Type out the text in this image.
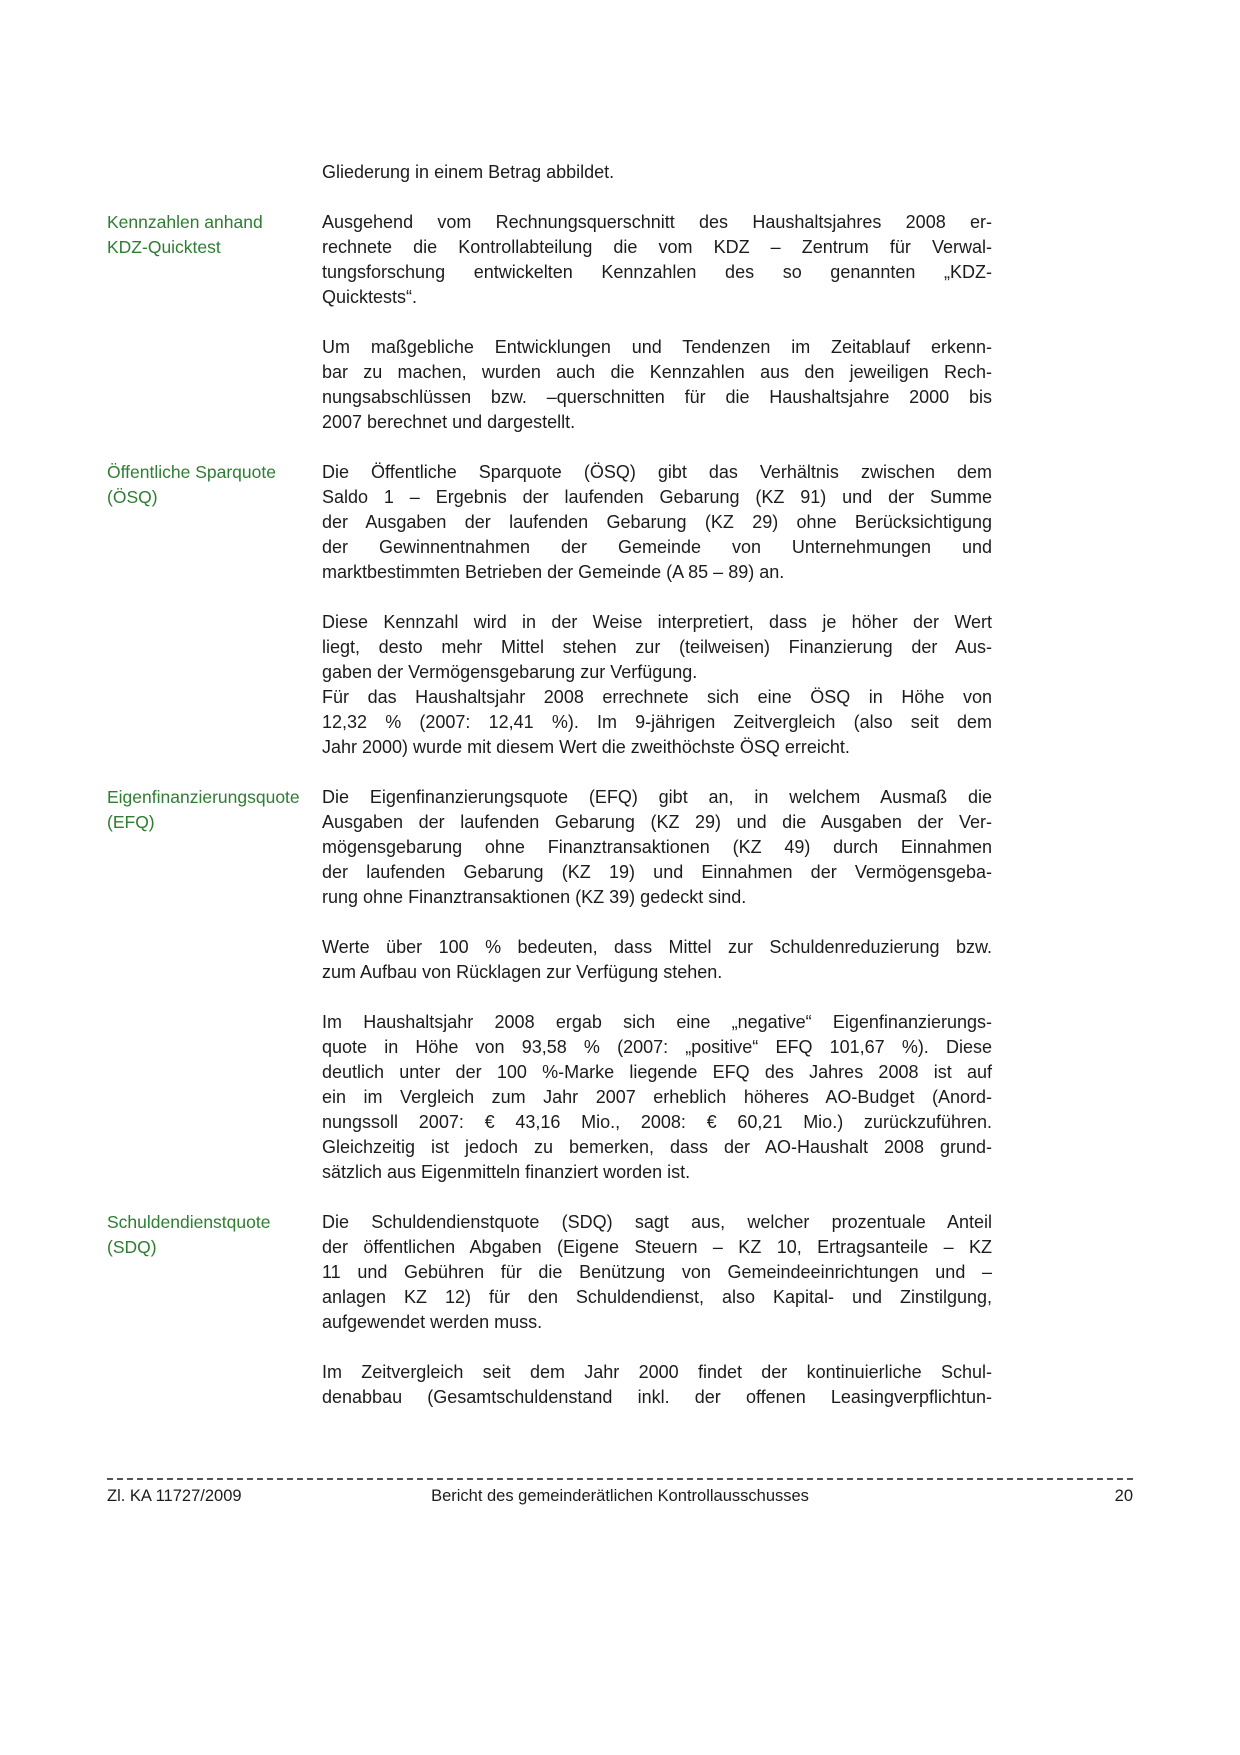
Gliederung in einem Betrag abbildet.
Kennzahlen anhand
KDZ-Quicktest
Ausgehend vom Rechnungsquerschnitt des Haushaltsjahres 2008 er-
rechnete die Kontrollabteilung die vom KDZ – Zentrum für Verwal-
tungsforschung entwickelten Kennzahlen des so genannten „KDZ-
Quicktests“.
Um maßgebliche Entwicklungen und Tendenzen im Zeitablauf erkenn-
bar zu machen, wurden auch die Kennzahlen aus den jeweiligen Rech-
nungsabschlüssen bzw. –querschnitten für die Haushaltsjahre 2000 bis
2007 berechnet und dargestellt.
Öffentliche Sparquote
(ÖSQ)
Die Öffentliche Sparquote (ÖSQ) gibt das Verhältnis zwischen dem
Saldo 1 – Ergebnis der laufenden Gebarung (KZ 91) und der Summe
der Ausgaben der laufenden Gebarung (KZ 29) ohne Berücksichtigung
der Gewinnentnahmen der Gemeinde von Unternehmungen und
marktbestimmten Betrieben der Gemeinde (A 85 – 89) an.
Diese Kennzahl wird in der Weise interpretiert, dass je höher der Wert
liegt, desto mehr Mittel stehen zur (teilweisen) Finanzierung der Aus-
gaben der Vermögensgebarung zur Verfügung.
Für das Haushaltsjahr 2008 errechnete sich eine ÖSQ in Höhe von
12,32 % (2007: 12,41 %). Im 9-jährigen Zeitvergleich (also seit dem
Jahr 2000) wurde mit diesem Wert die zweithöchste ÖSQ erreicht.
Eigenfinanzierungsquote
(EFQ)
Die Eigenfinanzierungsquote (EFQ) gibt an, in welchem Ausmaß die
Ausgaben der laufenden Gebarung (KZ 29) und die Ausgaben der Ver-
mögensgebarung ohne Finanztransaktionen (KZ 49) durch Einnahmen
der laufenden Gebarung (KZ 19) und Einnahmen der Vermögensgeba-
rung ohne Finanztransaktionen (KZ 39) gedeckt sind.
Werte über 100 % bedeuten, dass Mittel zur Schuldenreduzierung bzw.
zum Aufbau von Rücklagen zur Verfügung stehen.
Im Haushaltsjahr 2008 ergab sich eine „negative“ Eigenfinanzierungs-
quote in Höhe von 93,58 % (2007: „positive“ EFQ 101,67 %). Diese
deutlich unter der 100 %-Marke liegende EFQ des Jahres 2008 ist auf
ein im Vergleich zum Jahr 2007 erheblich höheres AO-Budget (Anord-
nungssoll 2007: € 43,16 Mio., 2008: € 60,21 Mio.) zurückzuführen.
Gleichzeitig ist jedoch zu bemerken, dass der AO-Haushalt 2008 grund-
sätzlich aus Eigenmitteln finanziert worden ist.
Schuldendienstquote
(SDQ)
Die Schuldendienstquote (SDQ) sagt aus, welcher prozentuale Anteil
der öffentlichen Abgaben (Eigene Steuern – KZ 10, Ertragsanteile – KZ
11 und Gebühren für die Benützung von Gemeindeeinrichtungen und –
anlagen KZ 12) für den Schuldendienst, also Kapital- und Zinstilgung,
aufgewendet werden muss.
Im Zeitvergleich seit dem Jahr 2000 findet der kontinuierliche Schul-
denabbau (Gesamtschuldenstand inkl. der offenen Leasingverpflichtun-
Zl. KA 11727/2009	Bericht des gemeinderätlichen Kontrollausschusses	20
